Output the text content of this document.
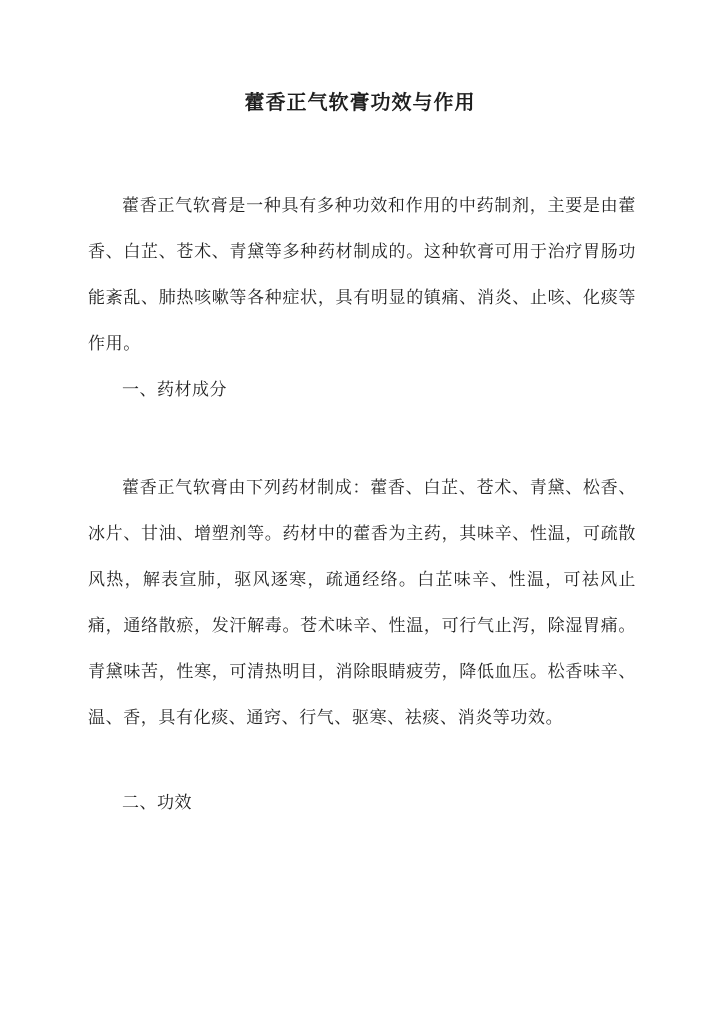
藿香正气软膏功效与作用
藿香正气软膏是一种具有多种功效和作用的中药制剂，主要是由藿香、白芷、苍术、青黛等多种药材制成的。这种软膏可用于治疗胃肠功能紊乱、肺热咳嗽等各种症状，具有明显的镇痛、消炎、止咳、化痰等作用。
一、药材成分
藿香正气软膏由下列药材制成：藿香、白芷、苍术、青黛、松香、冰片、甘油、增塑剂等。药材中的藿香为主药，其味辛、性温，可疏散风热，解表宣肺，驱风逐寒，疏通经络。白芷味辛、性温，可祛风止痛，通络散瘀，发汗解毒。苍术味辛、性温，可行气止泻，除湿胃痛。青黛味苦，性寒，可清热明目，消除眼睛疲劳，降低血压。松香味辛、温、香，具有化痰、通窍、行气、驱寒、祛痰、消炎等功效。
二、功效
